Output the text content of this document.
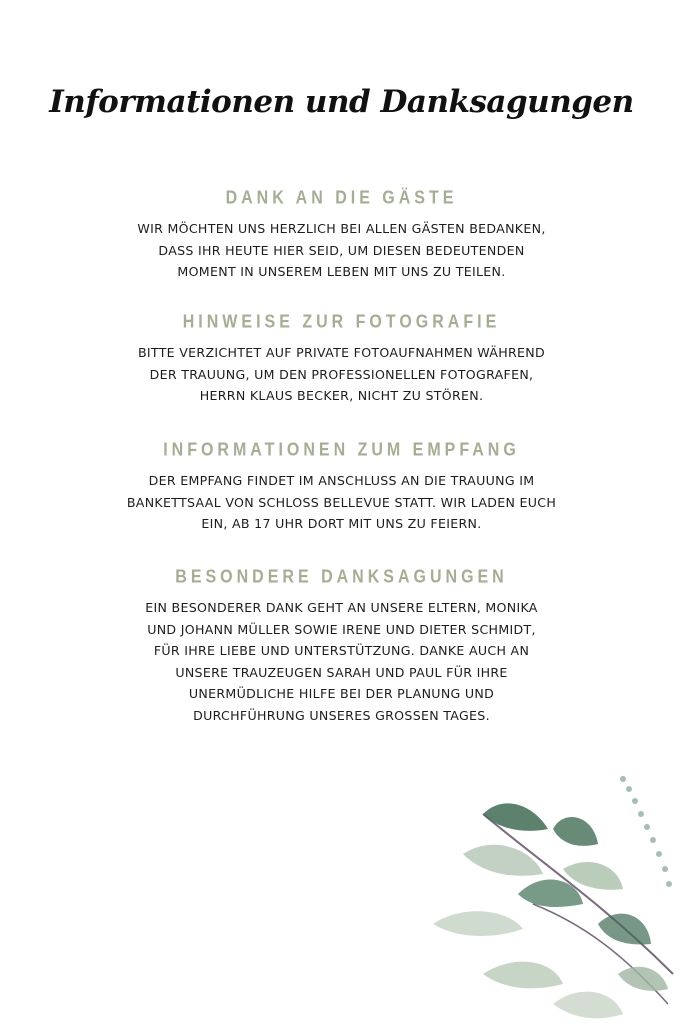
Informationen und Danksagungen
DANK AN DIE GÄSTE
WIR MÖCHTEN UNS HERZLICH BEI ALLEN GÄSTEN BEDANKEN,
DASS IHR HEUTE HIER SEID, UM DIESEN BEDEUTENDEN
MOMENT IN UNSEREM LEBEN MIT UNS ZU TEILEN.
HINWEISE ZUR FOTOGRAFIE
BITTE VERZICHTET AUF PRIVATE FOTOAUFNAHMEN WÄHREND
DER TRAUUNG, UM DEN PROFESSIONELLEN FOTOGRAFEN,
HERRN KLAUS BECKER, NICHT ZU STÖREN.
INFORMATIONEN ZUM EMPFANG
DER EMPFANG FINDET IM ANSCHLUSS AN DIE TRAUUNG IM
BANKETTSAAL VON SCHLOSS BELLEVUE STATT. WIR LADEN EUCH
EIN, AB 17 UHR DORT MIT UNS ZU FEIERN.
BESONDERE DANKSAGUNGEN
EIN BESONDERER DANK GEHT AN UNSERE ELTERN, MONIKA
UND JOHANN MÜLLER SOWIE IRENE UND DIETER SCHMIDT,
FÜR IHRE LIEBE UND UNTERSTÜTZUNG. DANKE AUCH AN
UNSERE TRAUZEUGEN SARAH UND PAUL FÜR IHRE
UNERMÜDLICHE HILFE BEI DER PLANUNG UND
DURCHFÜHRUNG UNSERES GROSSEN TAGES.
